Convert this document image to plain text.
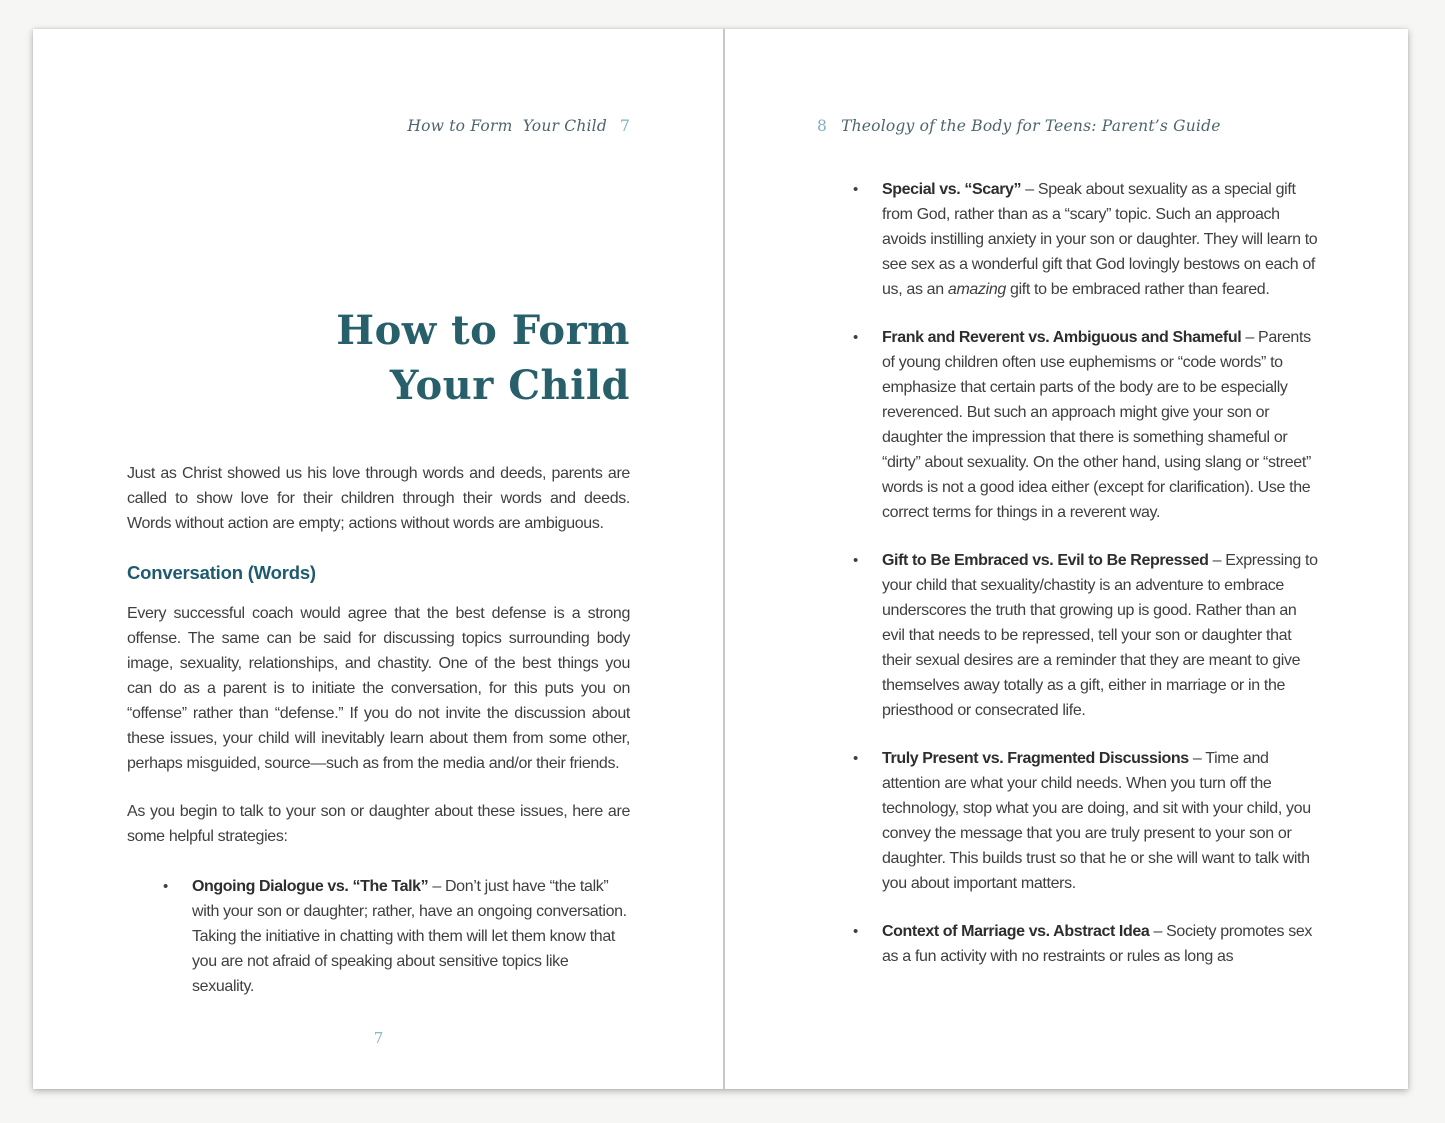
How to Form  Your Child 7
How to Form
Your Child

Just as Christ showed us his love through words and deeds, parents are called to show love for their children through their words and deeds. Words without action are empty; actions without words are ambiguous.

Conversation (Words)

Every successful coach would agree that the best defense is a strong offense. The same can be said for discussing topics surrounding body image, sexuality, relationships, and chastity. One of the best things you can do as a parent is to initiate the conversation, for this puts you on “offense” rather than “defense.” If you do not invite the discussion about these issues, your child will inevitably learn about them from some other, perhaps misguided, source—such as from the media and/or their friends.

As you begin to talk to your son or daughter about these issues, here are some helpful strategies:

•	Ongoing Dialogue vs. “The Talk” – Don’t just have “the talk” with your son or daughter; rather, have an ongoing conversation. Taking the initiative in chatting with them will let them know that you are not afraid of speaking about sensitive topics like sexuality.
7
8 Theology of the Body for Teens: Parent’s Guide
•	Special vs. “Scary” – Speak about sexuality as a special gift from God, rather than as a “scary” topic. Such an approach avoids instilling anxiety in your son or daughter. They will learn to see sex as a wonderful gift that God lovingly bestows on each of us, as an amazing gift to be embraced rather than feared.
•	Frank and Reverent vs. Ambiguous and Shameful – Parents of young children often use euphemisms or “code words” to emphasize that certain parts of the body are to be especially reverenced. But such an approach might give your son or daughter the impression that there is something shameful or “dirty” about sexuality. On the other hand, using slang or “street” words is not a good idea either (except for clarification). Use the correct terms for things in a reverent way.
•	Gift to Be Embraced vs. Evil to Be Repressed – Expressing to your child that sexuality/chastity is an adventure to embrace underscores the truth that growing up is good. Rather than an evil that needs to be repressed, tell your son or daughter that their sexual desires are a reminder that they are meant to give themselves away totally as a gift, either in marriage or in the priesthood or consecrated life.
•	Truly Present vs. Fragmented Discussions – Time and attention are what your child needs. When you turn off the technology, stop what you are doing, and sit with your child, you convey the message that you are truly present to your son or daughter. This builds trust so that he or she will want to talk with you about important matters.
•	Context of Marriage vs. Abstract Idea – Society promotes sex as a fun activity with no restraints or rules as long as
